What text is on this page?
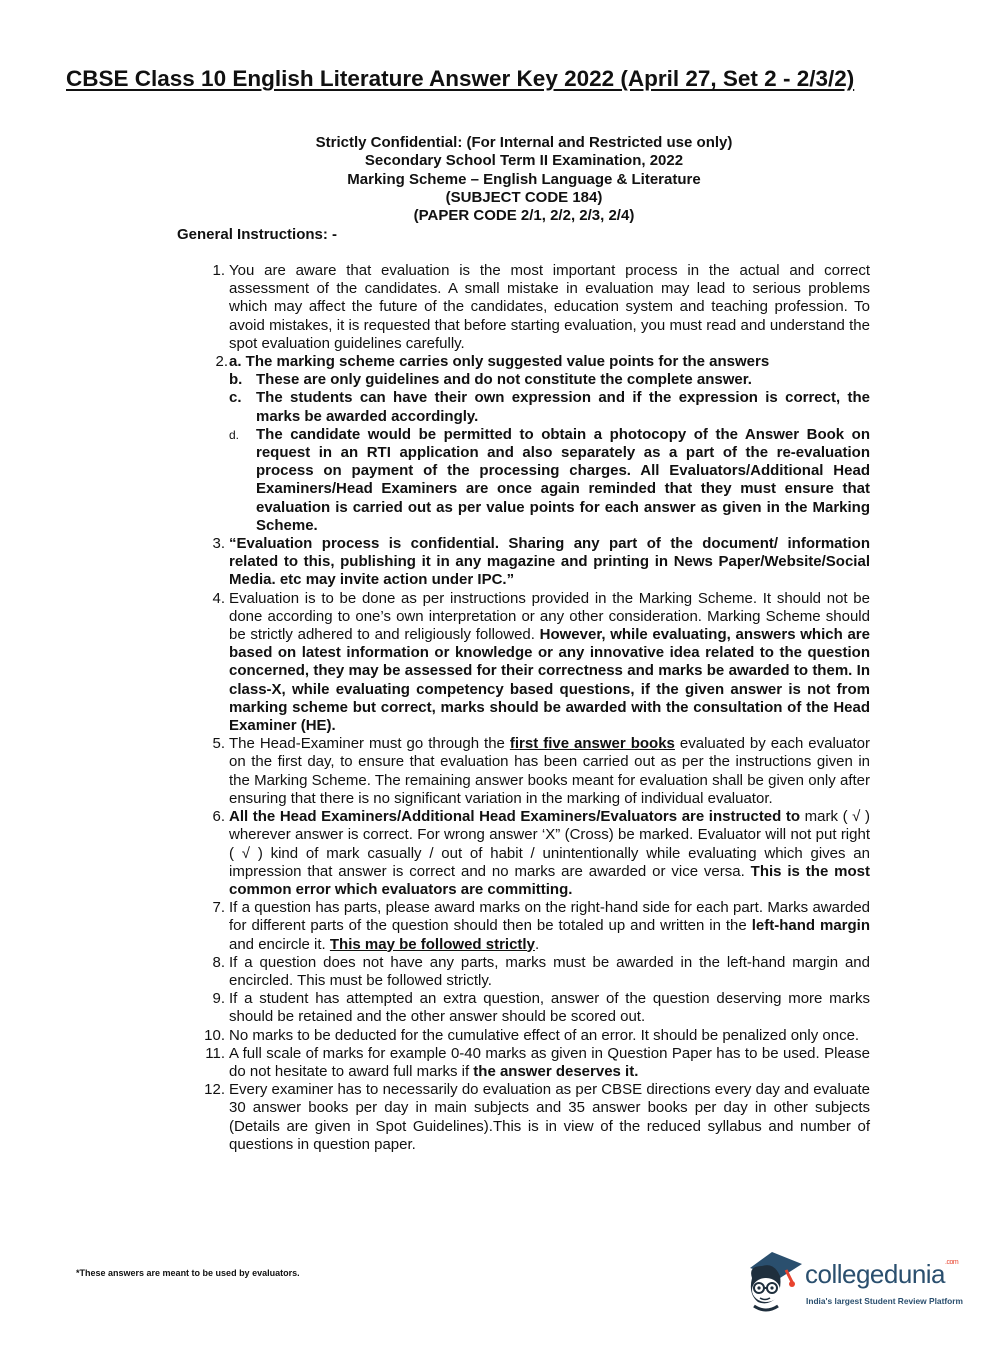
CBSE Class 10 English Literature Answer Key 2022 (April 27, Set 2 - 2/3/2)
Strictly Confidential: (For Internal and Restricted use only)
Secondary School Term II Examination, 2022
Marking Scheme – English Language & Literature
(SUBJECT CODE 184)
(PAPER CODE 2/1, 2/2, 2/3, 2/4)
General Instructions: -
1. You are aware that evaluation is the most important process in the actual and correct assessment of the candidates. A small mistake in evaluation may lead to serious problems which may affect the future of the candidates, education system and teaching profession. To avoid mistakes, it is requested that before starting evaluation, you must read and understand the spot evaluation guidelines carefully.
2. a. The marking scheme carries only suggested value points for the answers
b. These are only guidelines and do not constitute the complete answer.
c. The students can have their own expression and if the expression is correct, the marks be awarded accordingly.
d. The candidate would be permitted to obtain a photocopy of the Answer Book on request in an RTI application and also separately as a part of the re-evaluation process on payment of the processing charges. All Evaluators/Additional Head Examiners/Head Examiners are once again reminded that they must ensure that evaluation is carried out as per value points for each answer as given in the Marking Scheme.
3. “Evaluation process is confidential. Sharing any part of the document/ information related to this, publishing it in any magazine and printing in News Paper/Website/Social Media. etc may invite action under IPC.”
4. Evaluation is to be done as per instructions provided in the Marking Scheme. It should not be done according to one’s own interpretation or any other consideration. Marking Scheme should be strictly adhered to and religiously followed. However, while evaluating, answers which are based on latest information or knowledge or any innovative idea related to the question concerned, they may be assessed for their correctness and marks be awarded to them. In class-X, while evaluating competency based questions, if the given answer is not from marking scheme but correct, marks should be awarded with the consultation of the Head Examiner (HE).
5. The Head-Examiner must go through the first five answer books evaluated by each evaluator on the first day, to ensure that evaluation has been carried out as per the instructions given in the Marking Scheme. The remaining answer books meant for evaluation shall be given only after ensuring that there is no significant variation in the marking of individual evaluator.
6. All the Head Examiners/Additional Head Examiners/Evaluators are instructed to mark ( √ ) wherever answer is correct. For wrong answer ‘X” (Cross) be marked. Evaluator will not put right ( √ ) kind of mark casually / out of habit / unintentionally while evaluating which gives an impression that answer is correct and no marks are awarded or vice versa. This is the most common error which evaluators are committing.
7. If a question has parts, please award marks on the right-hand side for each part. Marks awarded for different parts of the question should then be totaled up and written in the left-hand margin and encircle it. This may be followed strictly.
8. If a question does not have any parts, marks must be awarded in the left-hand margin and encircled. This must be followed strictly.
9. If a student has attempted an extra question, answer of the question deserving more marks should be retained and the other answer should be scored out.
10. No marks to be deducted for the cumulative effect of an error. It should be penalized only once.
11. A full scale of marks for example 0-40 marks as given in Question Paper has to be used. Please do not hesitate to award full marks if the answer deserves it.
12. Every examiner has to necessarily do evaluation as per CBSE directions every day and evaluate 30 answer books per day in main subjects and 35 answer books per day in other subjects (Details are given in Spot Guidelines).This is in view of the reduced syllabus and number of questions in question paper.
*These answers are meant to be used by evaluators.	collegedunia$^{.com}$
India's largest Student Review Platform
